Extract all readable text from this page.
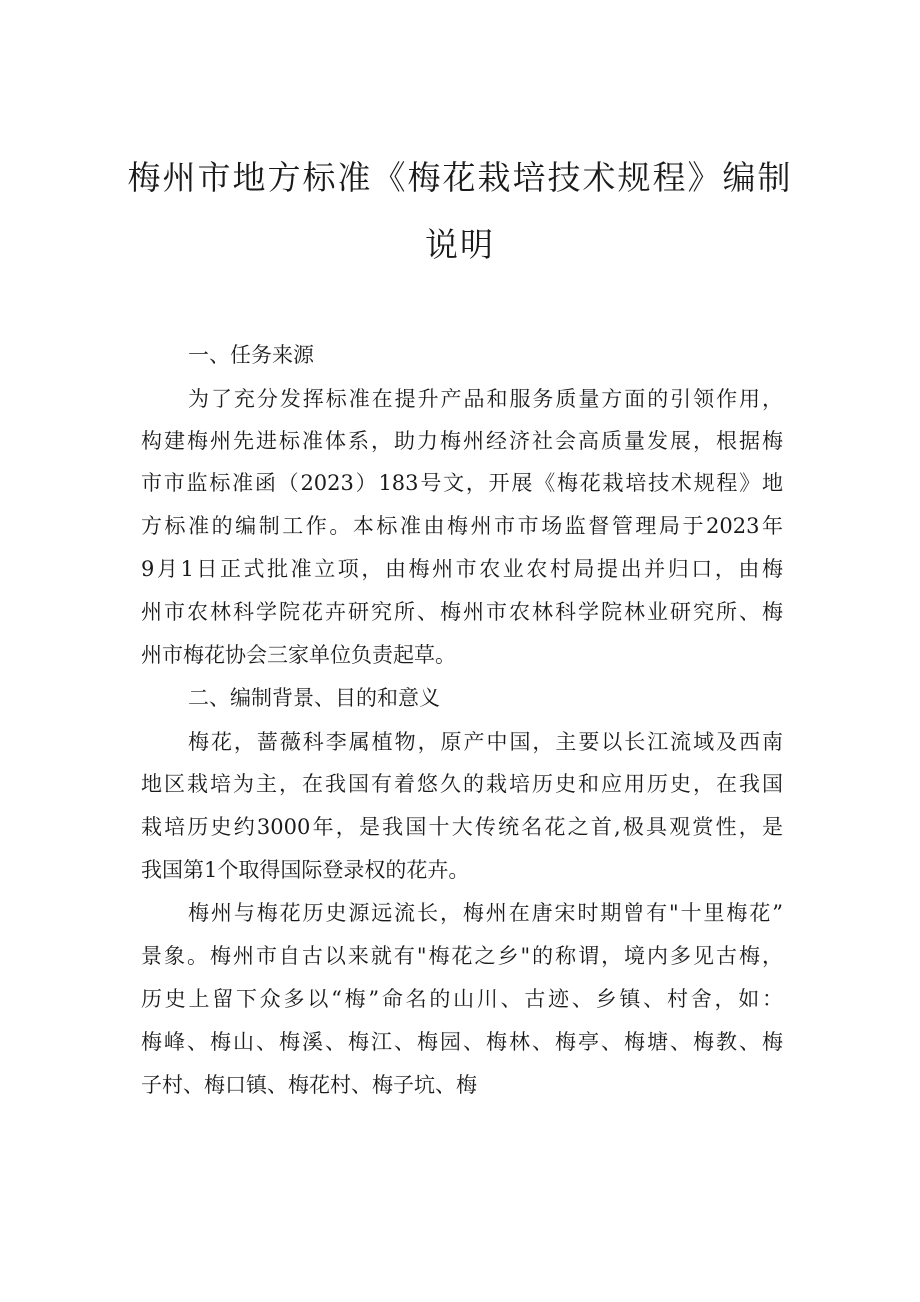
梅州市地方标准《梅花栽培技术规程》编制
说明
一、任务来源
为了充分发挥标准在提升产品和服务质量方面的引领作用，
构建梅州先进标准体系，助力梅州经济社会高质量发展，根据梅
市市监标准函（2023）183号文，开展《梅花栽培技术规程》地
方标准的编制工作。本标准由梅州市市场监督管理局于2023年
9月1日正式批准立项，由梅州市农业农村局提出并归口，由梅
州市农林科学院花卉研究所、梅州市农林科学院林业研究所、梅
州市梅花协会三家单位负责起草。
二、编制背景、目的和意义
梅花，蔷薇科李属植物，原产中国，主要以长江流域及西南
地区栽培为主，在我国有着悠久的栽培历史和应用历史，在我国
栽培历史约3000年，是我国十大传统名花之首,极具观赏性，是
我国第1个取得国际登录权的花卉。
梅州与梅花历史源远流长，梅州在唐宋时期曾有"十里梅花”
景象。梅州市自古以来就有"梅花之乡"的称谓，境内多见古梅，
历史上留下众多以“梅”命名的山川、古迹、乡镇、村舍，如：
梅峰、梅山、梅溪、梅江、梅园、梅林、梅亭、梅塘、梅教、梅
子村、梅口镇、梅花村、梅子坑、梅
